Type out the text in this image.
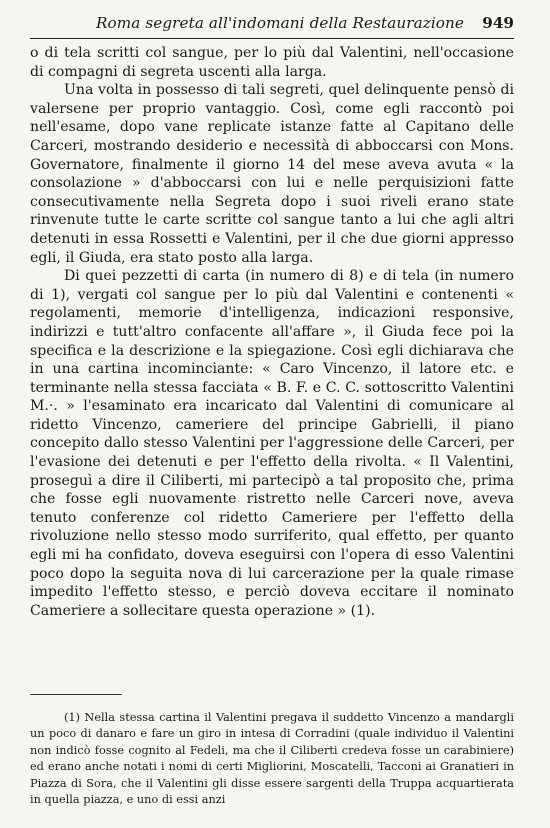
Roma segreta all'indomani della Restaurazione 949

o di tela scritti col sangue, per lo più dal Valentini, nell'occasione di compagni di segreta uscenti alla larga.

Una volta in possesso di tali segreti, quel delinquente pensò di valersene per proprio vantaggio. Così, come egli raccontò poi nell'esame, dopo vane replicate istanze fatte al Capitano delle Carceri, mostrando desiderio e necessità di abboccarsi con Mons. Governatore, finalmente il giorno 14 del mese aveva avuta « la consolazione » d'abboccarsi con lui e nelle perquisizioni fatte consecutivamente nella Segreta dopo i suoi riveli erano state rinvenute tutte le carte scritte col sangue tanto a lui che agli altri detenuti in essa Rossetti e Valentini, per il che due giorni appresso egli, il Giuda, era stato posto alla larga.

Di quei pezzetti di carta (in numero di 8) e di tela (in numero di 1), vergati col sangue per lo più dal Valentini e contenenti « regolamenti, memorie d'intelligenza, indicazioni responsive, indirizzi e tutt'altro confacente all'affare », il Giuda fece poi la specifica e la descrizione e la spiegazione. Così egli dichiarava che in una cartina incominciante: « Caro Vincenzo, il latore etc. e terminante nella stessa facciata « B. F. e C. C. sottoscritto Valentini M.·. » l'esaminato era incaricato dal Valentini di comunicare al ridetto Vincenzo, cameriere del principe Gabrielli, il piano concepito dallo stesso Valentini per l'aggressione delle Carceri, per l'evasione dei detenuti e per l'effetto della rivolta. « Il Valentini, proseguì a dire il Ciliberti, mi partecipò a tal proposito che, prima che fosse egli nuovamente ristretto nelle Carceri nove, aveva tenuto conferenze col ridetto Cameriere per l'effetto della rivoluzione nello stesso modo surriferito, qual effetto, per quanto egli mi ha confidato, doveva eseguirsi con l'opera di esso Valentini poco dopo la seguita nova di lui carcerazione per la quale rimase impedito l'effetto stesso, e perciò doveva eccitare il nominato Cameriere a sollecitare questa operazione » (1).

(1) Nella stessa cartina il Valentini pregava il suddetto Vincenzo a mandargli un poco di danaro e fare un giro in intesa di Corradini (quale individuo il Valentini non indicò fosse cognito al Fedeli, ma che il Ciliberti credeva fosse un carabiniere) ed erano anche notati i nomi di certi Migliorini, Moscatelli, Tacconi ai Granatieri in Piazza di Sora, che il Valentini gli disse essere sargenti della Truppa acquartierata in quella piazza, e uno di essi anzi
